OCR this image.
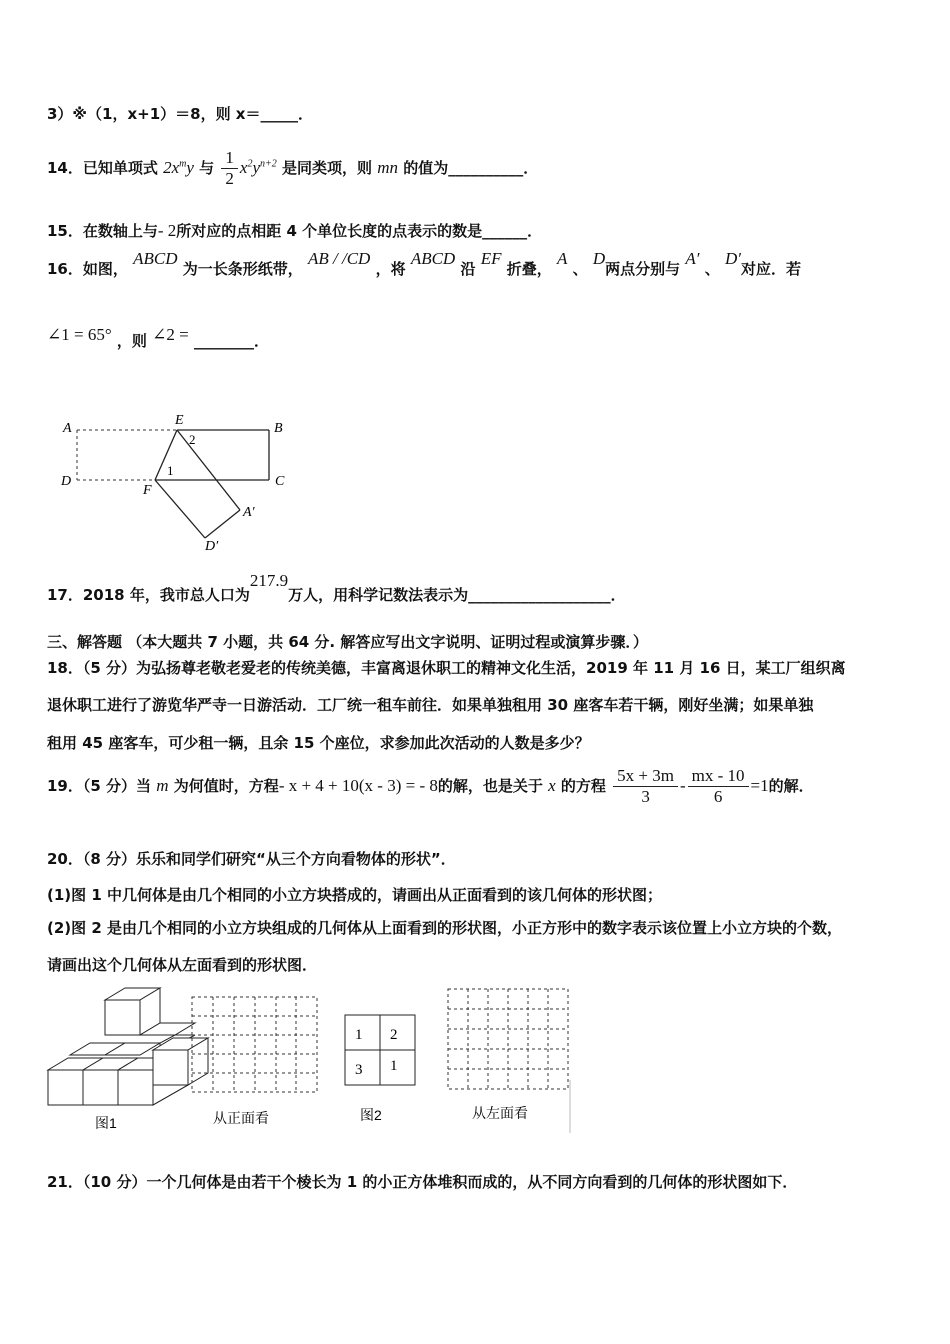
3）※（1，x+1）＝8，则 x＝_____．
14．已知单项式 $2x^my$ 与 $\frac{1}{2} x^2y^{n+2}$ 是同类项，则 mn 的值为__________．
15．在数轴上与- 2所对应的点相距 4 个单位长度的点表示的数是______．
16．如图， ABCD 为一长条形纸带， AB / /CD ，将 ABCD 沿 EF 折叠， A 、 D两点分别与 A′ 、 D′对应．若
∠1 = 65° ，则 ∠2 = ________．
A
E
B
2
1
D
F
C
A′
D′
17．2018 年，我市总人口为217.9万人，用科学记数法表示为___________________．
三、解答题 （本大题共 7 小题，共 64 分. 解答应写出文字说明、证明过程或演算步骤．）
18．（5 分）为弘扬尊老敬老爱老的传统美德，丰富离退休职工的精神文化生活，2019 年 11 月 16 日，某工厂组织离
退休职工进行了游览华严寺一日游活动．工厂统一租车前往．如果单独租用 30 座客车若干辆，刚好坐满；如果单独
租用 45 座客车，可少租一辆，且余 15 个座位，求参加此次活动的人数是多少？
19．（5 分）当 m 为何值时，方程- x + 4 + 10(x - 3) = - 8的解，也是关于 x 的方程 $\frac{5x + 3m}{3} - \frac{mx - 10}{6} =1$的解．
20．（8 分）乐乐和同学们研究“从三个方向看物体的形状”．
(1)图 1 中几何体是由几个相同的小立方块搭成的，请画出从正面看到的该几何体的形状图；
(2)图 2 是由几个相同的小立方块组成的几何体从上面看到的形状图，小正方形中的数字表示该位置上小立方块的个数，
请画出这个几何体从左面看到的形状图．
图1	从正面看
1 2
3 1
图2	从左面看
21．（10 分）一个几何体是由若干个棱长为 1 的小正方体堆积而成的，从不同方向看到的几何体的形状图如下．
